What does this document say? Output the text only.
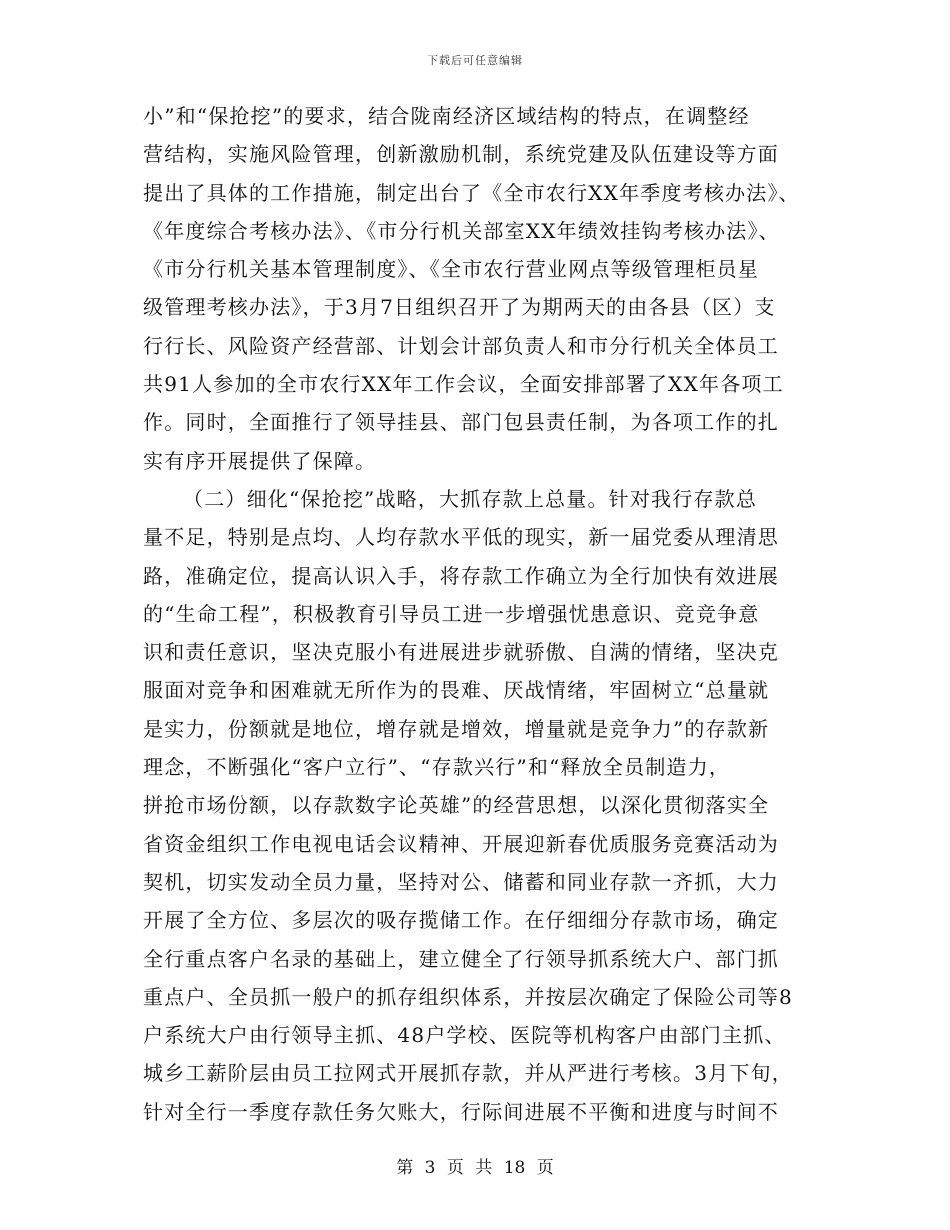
下载后可任意编辑
小”和“保抢挖”的要求，结合陇南经济区域结构的特点，在调整经
营结构，实施风险管理，创新激励机制，系统党建及队伍建设等方面
提出了具体的工作措施，制定出台了《全市农行XX年季度考核办法》、
《年度综合考核办法》、《市分行机关部室XX年绩效挂钩考核办法》、
《市分行机关基本管理制度》、《全市农行营业网点等级管理柜员星
级管理考核办法》，于3月7日组织召开了为期两天的由各县（区）支
行行长、风险资产经营部、计划会计部负责人和市分行机关全体员工
共91人参加的全市农行XX年工作会议，全面安排部署了XX年各项工
作。同时，全面推行了领导挂县、部门包县责任制，为各项工作的扎
实有序开展提供了保障。
（二）细化“保抢挖”战略，大抓存款上总量。针对我行存款总
量不足，特别是点均、人均存款水平低的现实，新一届党委从理清思
路，准确定位，提高认识入手，将存款工作确立为全行加快有效进展
的“生命工程”，积极教育引导员工进一步增强忧患意识、竞竞争意
识和责任意识，坚决克服小有进展进步就骄傲、自满的情绪，坚决克
服面对竞争和困难就无所作为的畏难、厌战情绪，牢固树立“总量就
是实力，份额就是地位，增存就是增效，增量就是竞争力”的存款新
理念，不断强化“客户立行”、“存款兴行”和“释放全员制造力，
拼抢市场份额，以存款数字论英雄”的经营思想，以深化贯彻落实全
省资金组织工作电视电话会议精神、开展迎新春优质服务竞赛活动为
契机，切实发动全员力量，坚持对公、储蓄和同业存款一齐抓，大力
开展了全方位、多层次的吸存揽储工作。在仔细细分存款市场，确定
全行重点客户名录的基础上，建立健全了行领导抓系统大户、部门抓
重点户、全员抓一般户的抓存组织体系，并按层次确定了保险公司等8
户系统大户由行领导主抓、48户学校、医院等机构客户由部门主抓、
城乡工薪阶层由员工拉网式开展抓存款，并从严进行考核。3月下旬，
针对全行一季度存款任务欠账大，行际间进展不平衡和进度与时间不
第 3 页 共 18 页
